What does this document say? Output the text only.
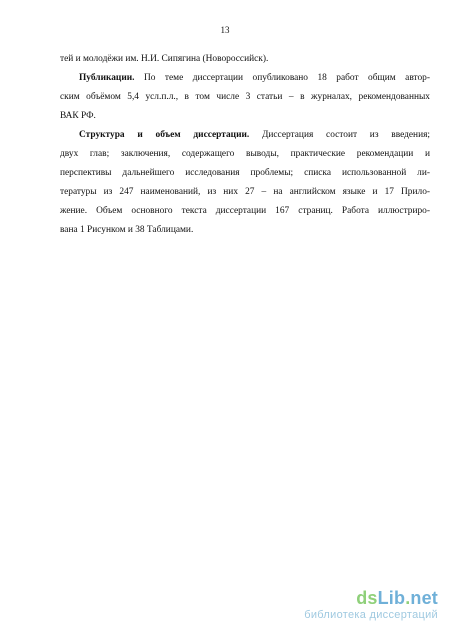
13
тей и молодёжи им. Н.И. Сипягина (Новороссийск).
Публикации. По теме диссертации опубликовано 18 работ общим автор-
ским объёмом 5,4 усл.п.л., в том числе 3 статьи – в журналах, рекомендованных
ВАК РФ.
Структура и объем диссертации. Диссертация состоит из введения;
двух глав; заключения, содержащего выводы, практические рекомендации и
перспективы дальнейшего исследования проблемы; списка использованной ли-
тературы из 247 наименований, из них 27 – на английском языке и 17 Прило-
жение. Объем основного текста диссертации 167 страниц. Работа иллюстриро-
вана 1 Рисунком и 38 Таблицами.
dsLib.net
библиотека диссертаций
